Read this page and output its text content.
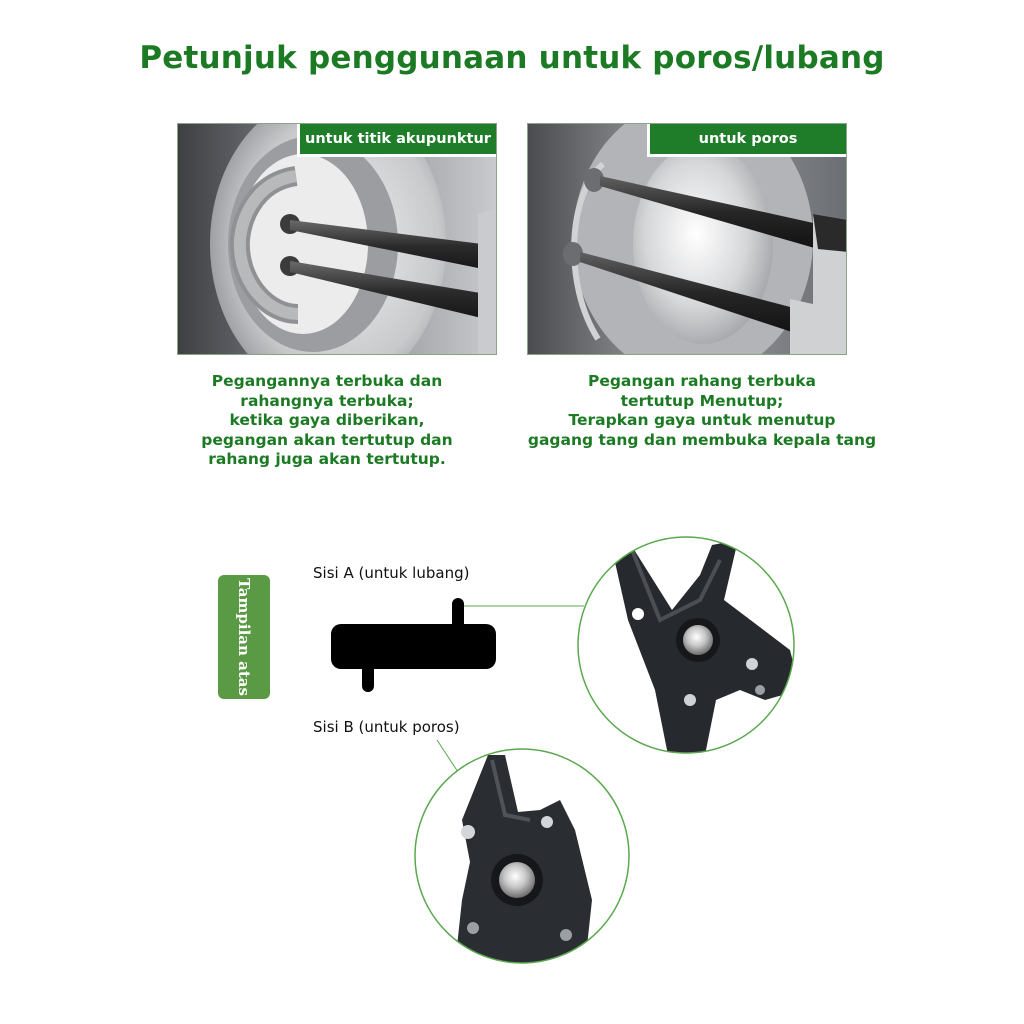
Petunjuk penggunaan untuk poros/lubang
untuk titik akupunktur	untuk poros
Pegangannya terbuka dan
rahangnya terbuka;
ketika gaya diberikan,
pegangan akan tertutup dan
rahang juga akan tertutup.
Pegangan rahang terbuka
tertutup Menutup;
Terapkan gaya untuk menutup
gagang tang dan membuka kepala tang
Tampilan atas
Sisi A (untuk lubang)
Sisi B (untuk poros)
